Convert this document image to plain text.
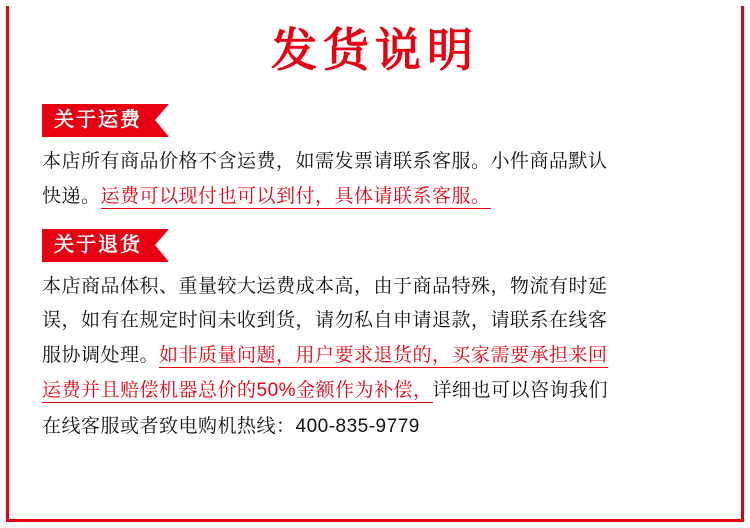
发货说明
关于运费

本店所有商品价格不含运费，如需发票请联系客服。小件商品默认

快递。运费可以现付也可以到付，具体请联系客服。

关于退货

本店商品体积、重量较大运费成本高，由于商品特殊，物流有时延

误，如有在规定时间未收到货，请勿私自申请退款，请联系在线客

服协调处理。如非质量问题，用户要求退货的，买家需要承担来回

运费并且赔偿机器总价的50%金额作为补偿，详细也可以咨询我们

在线客服或者致电购机热线：400-835-9779
